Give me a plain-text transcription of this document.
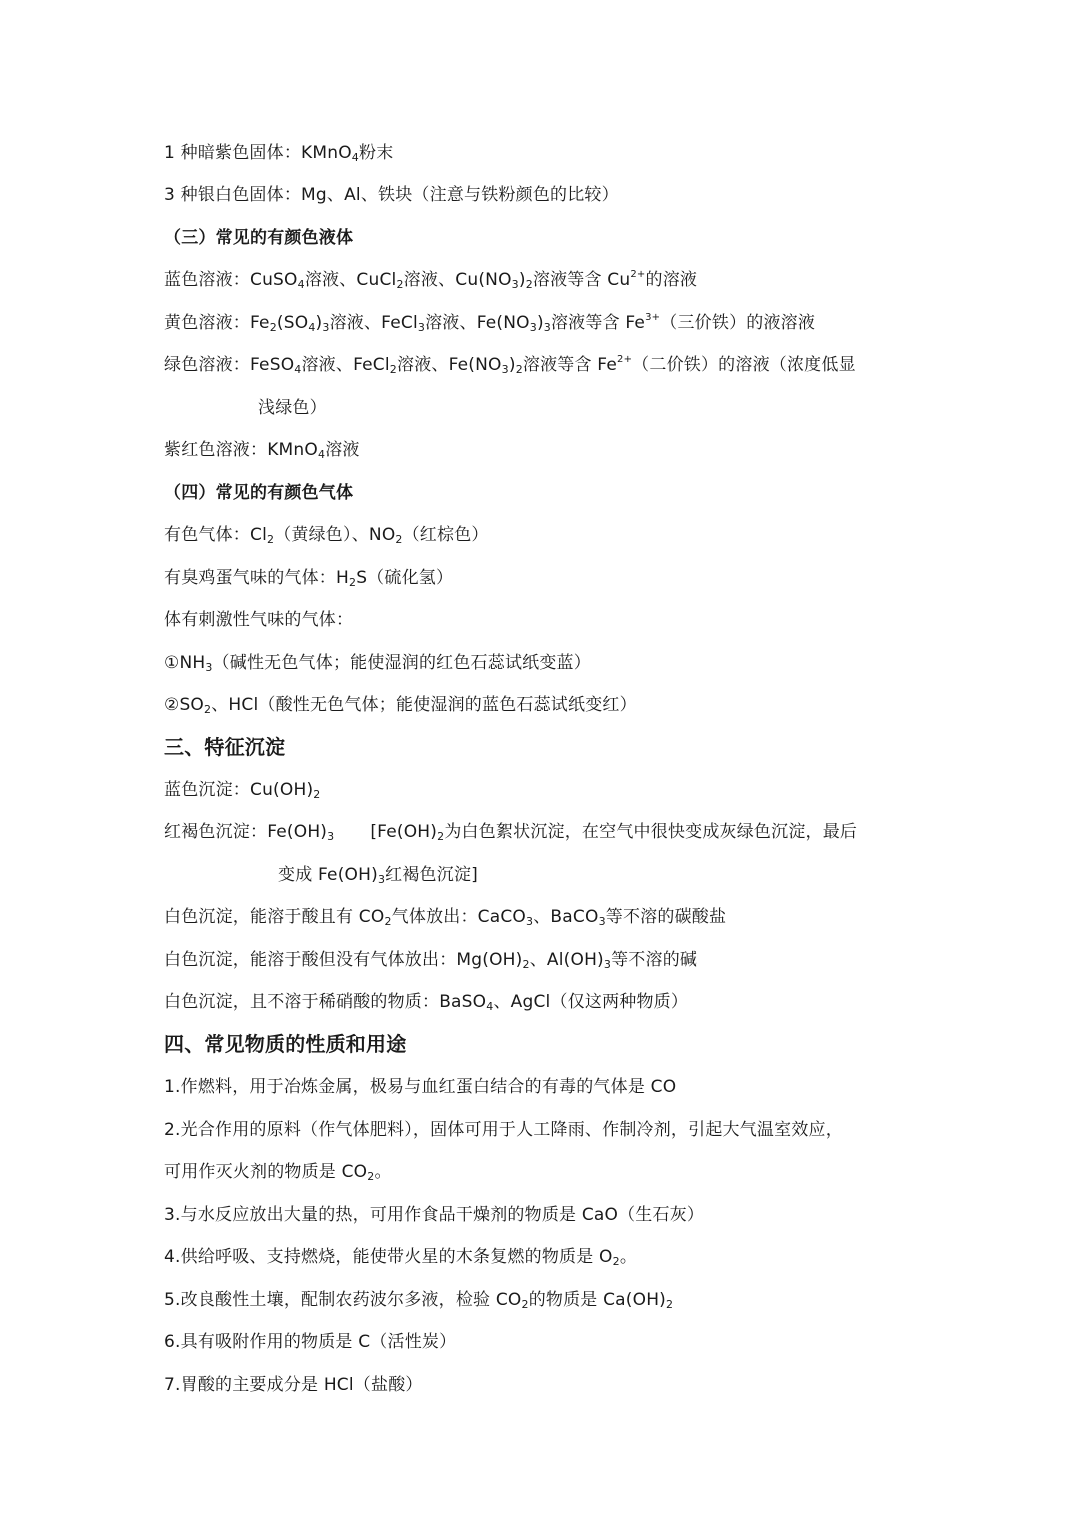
1 种暗紫色固体：KMnO$_4$粉末
3 种银白色固体：Mg、Al、铁块（注意与铁粉颜色的比较）
（三）常见的有颜色液体
蓝色溶液：CuSO$_4$溶液、CuCl$_2$溶液、$Cu(NO_3)_2$溶液等含 $Cu^{2+}$的溶液
黄色溶液：$Fe_2(SO_4)_3$溶液、FeCl$_3$溶液、$Fe(NO_3)_3$溶液等含 $Fe^{3+}$（三价铁）的液溶液
绿色溶液：FeSO$_4$溶液、FeCl$_2$溶液、$Fe(NO_3)_2$溶液等含 $Fe^{2+}$（二价铁）的溶液（浓度低显
浅绿色）
紫红色溶液：KMnO$_4$溶液
（四）常见的有颜色气体
有色气体：$Cl_2$（黄绿色）、$NO_2$（红棕色）
有臭鸡蛋气味的气体：$H_2S$（硫化氢）
体有刺激性气味的气体：
$①NH_3$（碱性无色气体；能使湿润的红色石蕊试纸变蓝）
$②SO_2$、HCl（酸性无色气体；能使湿润的蓝色石蕊试纸变红）
三、特征沉淀
蓝色沉淀：$Cu(OH)_2$
红褐色沉淀：$Fe(OH)_3$ [$Fe(OH)_2$为白色絮状沉淀，在空气中很快变成灰绿色沉淀，最后
变成 $Fe(OH)_3$红褐色沉淀]
白色沉淀，能溶于酸且有 $CO_2$气体放出：CaCO$_3$、BaCO$_3$等不溶的碳酸盐
白色沉淀，能溶于酸但没有气体放出：$Mg(OH)_2$、$Al(OH)_3$等不溶的碱
白色沉淀，且不溶于稀硝酸的物质：BaSO$_4$、AgCl（仅这两种物质）
四、常见物质的性质和用途
1.作燃料，用于冶炼金属，极易与血红蛋白结合的有毒的气体是 CO
2.光合作用的原料（作气体肥料），固体可用于人工降雨、作制冷剂，引起大气温室效应，
可用作灭火剂的物质是 $CO_2$。
3.与水反应放出大量的热，可用作食品干燥剂的物质是 CaO（生石灰）
4.供给呼吸、支持燃烧，能使带火星的木条复燃的物质是 $O_2$。
5.改良酸性土壤，配制农药波尔多液，检验 $CO_2$的物质是 $Ca(OH)_2$
6.具有吸附作用的物质是 C（活性炭）
7.胃酸的主要成分是 HCl（盐酸）
